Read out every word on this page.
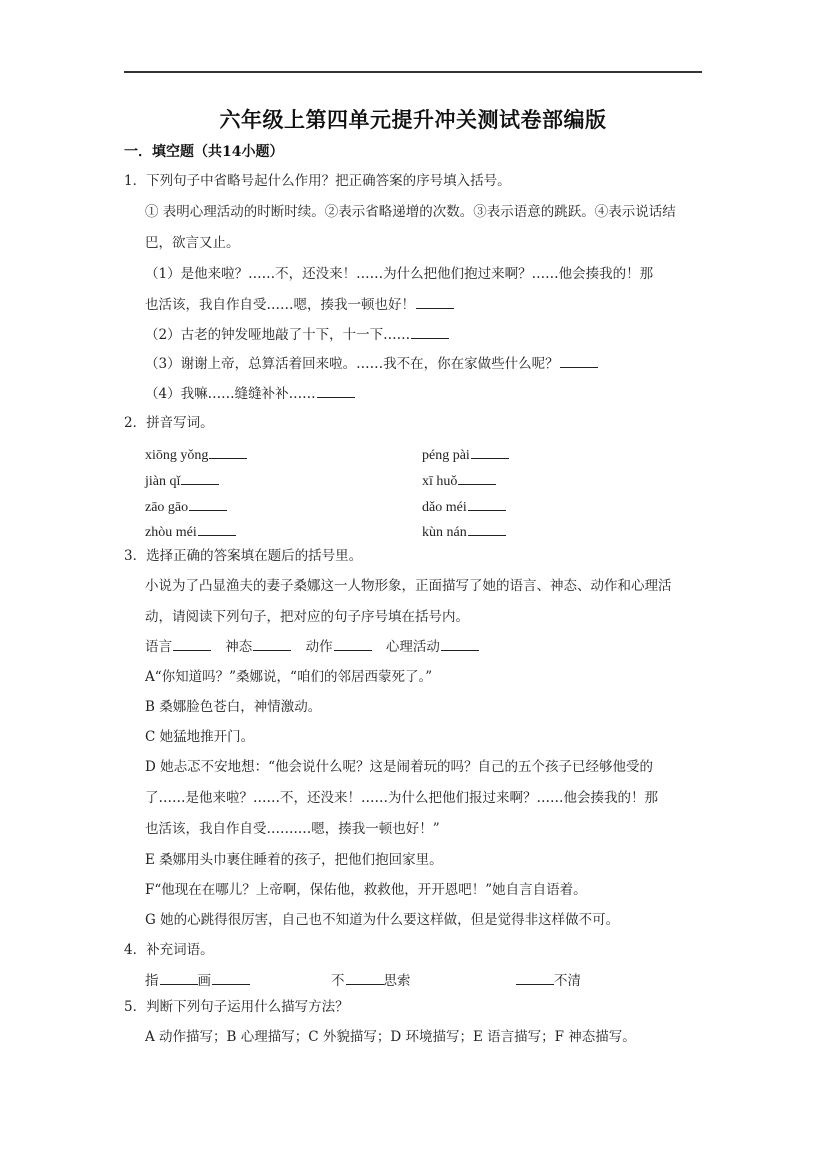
六年级上第四单元提升冲关测试卷部编版
一．填空题（共14小题）
1．下列句子中省略号起什么作用？把正确答案的序号填入括号。
① 表明心理活动的时断时续。②表示省略递增的次数。③表示语意的跳跃。④表示说话结
巴，欲言又止。
（1）是他来啦？……不，还没来！……为什么把他们抱过来啊？……他会揍我的！那
也活该，我自作自受……嗯，揍我一顿也好！
（2）古老的钟发哑地敲了十下，十一下……
（3）谢谢上帝，总算活着回来啦。……我不在，你在家做些什么呢？
（4）我嘛……缝缝补补……
2．拼音写词。
xiōng yǒng	péng pài
jiàn qǐ	xī huǒ
zāo gāo	dǎo méi
zhòu méi	kùn nán
3．选择正确的答案填在题后的括号里。
小说为了凸显渔夫的妻子桑娜这一人物形象，正面描写了她的语言、神态、动作和心理活
动，请阅读下列句子，把对应的句子序号填在括号内。
语言	神态	动作	心理活动
A“你知道吗？”桑娜说，“咱们的邻居西蒙死了。”
B 桑娜脸色苍白，神情激动。
C 她猛地推开门。
D 她忐忑不安地想：“他会说什么呢？这是闹着玩的吗？自己的五个孩子已经够他受的
了……是他来啦？……不，还没来！……为什么把他们报过来啊？……他会揍我的！那
也活该，我自作自受…….…嗯，揍我一顿也好！”
E 桑娜用头巾裹住睡着的孩子，把他们抱回家里。
F“他现在在哪儿？上帝啊，保佑他，救救他，开开恩吧！”她自言自语着。
G 她的心跳得很厉害，自己也不知道为什么要这样做，但是觉得非这样做不可。
4．补充词语。
指	画	不	思索	不清
5．判断下列句子运用什么描写方法？
A 动作描写；B 心理描写；C 外貌描写；D 环境描写；E 语言描写；F 神态描写。
